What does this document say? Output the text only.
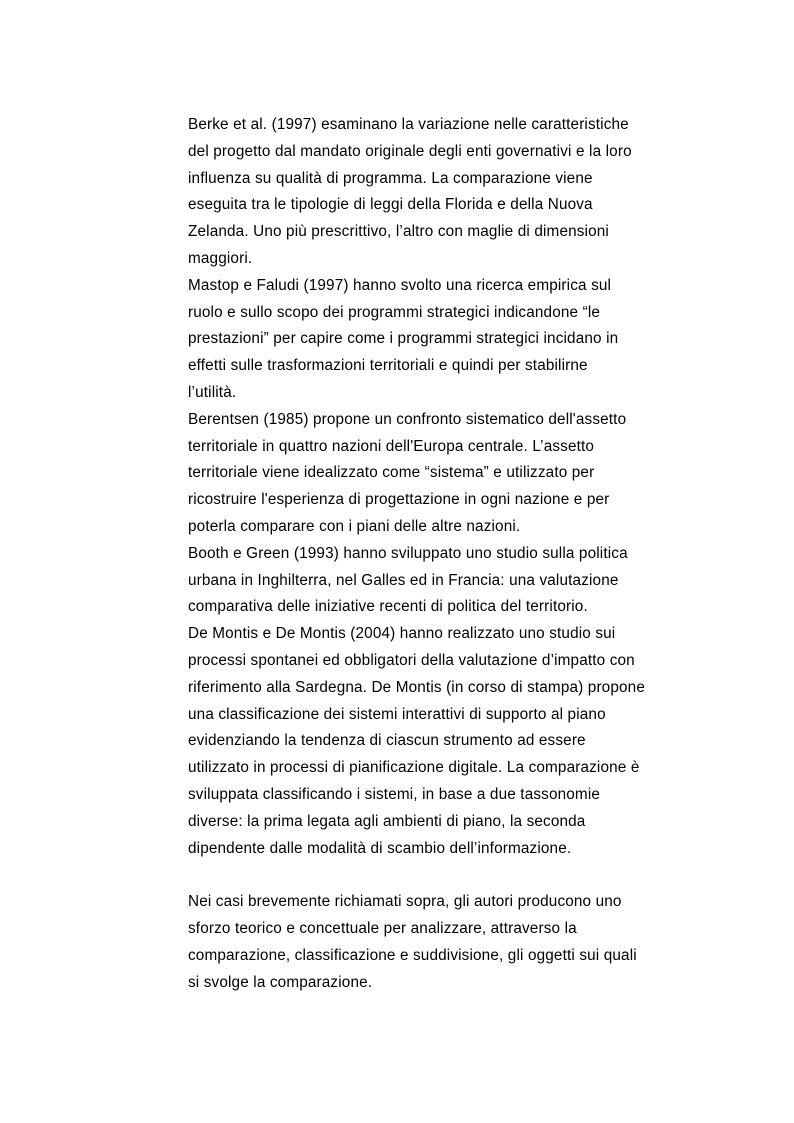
Berke et al. (1997) esaminano la variazione nelle caratteristiche
del progetto dal mandato originale degli enti governativi e la loro
influenza su qualità di programma. La comparazione viene
eseguita tra le tipologie di leggi della Florida e della Nuova
Zelanda. Uno più prescrittivo, l’altro con maglie di dimensioni
maggiori.
Mastop e Faludi (1997) hanno svolto una ricerca empirica sul
ruolo e sullo scopo dei programmi strategici indicandone “le
prestazioni” per capire come i programmi strategici incidano in
effetti sulle trasformazioni territoriali e quindi per stabilirne
l’utilità.
Berentsen (1985) propone un confronto sistematico dell'assetto
territoriale in quattro nazioni dell'Europa centrale. L’assetto
territoriale viene idealizzato come “sistema” e utilizzato per
ricostruire l'esperienza di progettazione in ogni nazione e per
poterla comparare con i piani delle altre nazioni.
Booth e Green (1993) hanno sviluppato uno studio sulla politica
urbana in Inghilterra, nel Galles ed in Francia: una valutazione
comparativa delle iniziative recenti di politica del territorio.
De Montis e De Montis (2004) hanno realizzato uno studio sui
processi spontanei ed obbligatori della valutazione d’impatto con
riferimento alla Sardegna. De Montis (in corso di stampa) propone
una classificazione dei sistemi interattivi di supporto al piano
evidenziando la tendenza di ciascun strumento ad essere
utilizzato in processi di pianificazione digitale. La comparazione è
sviluppata classificando i sistemi, in base a due tassonomie
diverse: la prima legata agli ambienti di piano, la seconda
dipendente dalle modalità di scambio dell’informazione.
Nei casi brevemente richiamati sopra, gli autori producono uno
sforzo teorico e concettuale per analizzare, attraverso la
comparazione, classificazione e suddivisione, gli oggetti sui quali
si svolge la comparazione.
